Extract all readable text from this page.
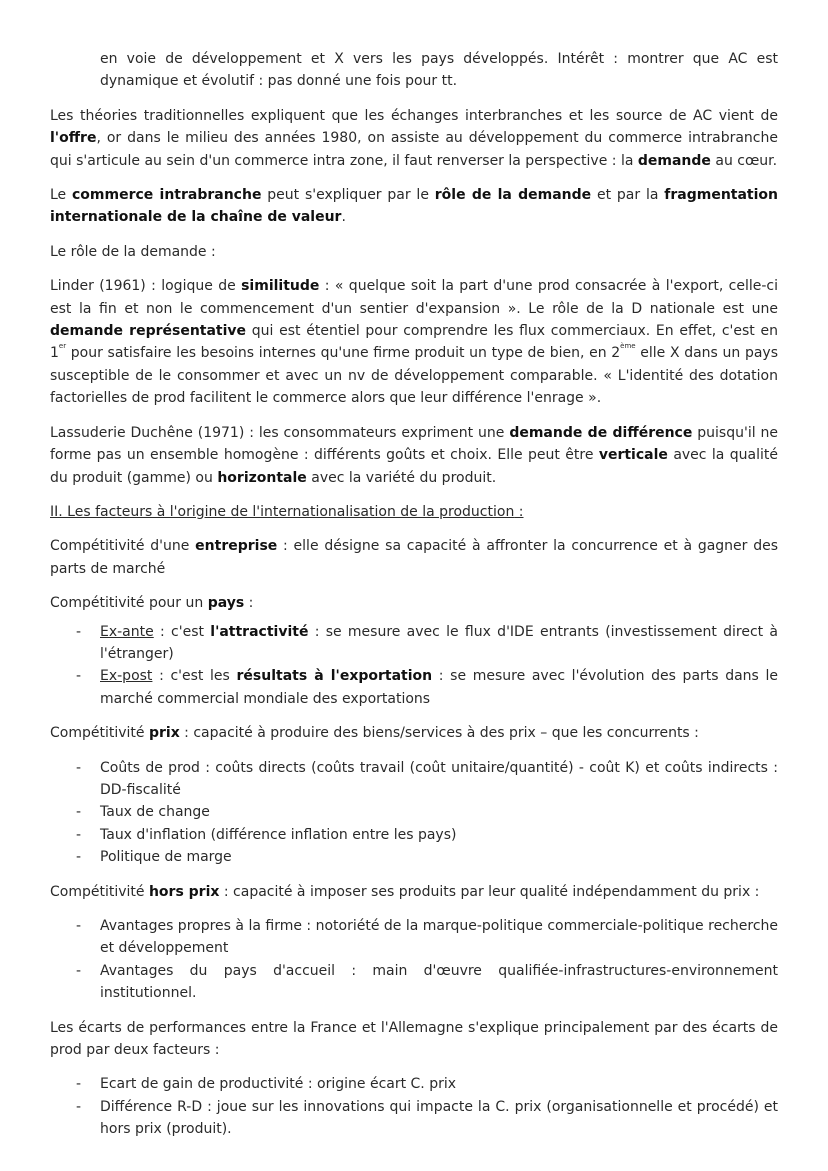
en voie de développement et X vers les pays développés. Intérêt : montrer que AC est dynamique et évolutif : pas donné une fois pour tt.

Les théories traditionnelles expliquent que les échanges interbranches et les source de AC vient de l'offre, or dans le milieu des années 1980, on assiste au développement du commerce intrabranche qui s'articule au sein d'un commerce intra zone, il faut renverser la perspective : la demande au cœur.

Le commerce intrabranche peut s'expliquer par le rôle de la demande et par la fragmentation internationale de la chaîne de valeur.

Le rôle de la demande :

Linder (1961) : logique de similitude : « quelque soit la part d'une prod consacrée à l'export, celle-ci est la fin et non le commencement d'un sentier d'expansion ». Le rôle de la D nationale est une demande représentative qui est étentiel pour comprendre les flux commerciaux. En effet, c'est en 1er pour satisfaire les besoins internes qu'une firme produit un type de bien, en 2ème elle X dans un pays susceptible de le consommer et avec un nv de développement comparable. « L'identité des dotation factorielles de prod facilitent le commerce alors que leur différence l'enrage ».

Lassuderie Duchêne (1971) : les consommateurs expriment une demande de différence puisqu'il ne forme pas un ensemble homogène : différents goûts et choix. Elle peut être verticale avec la qualité du produit (gamme) ou horizontale avec la variété du produit.

II. Les facteurs à l'origine de l'internationalisation de la production :

Compétitivité d'une entreprise : elle désigne sa capacité à affronter la concurrence et à gagner des parts de marché

Compétitivité pour un pays :

- Ex-ante : c'est l'attractivité : se mesure avec le flux d'IDE entrants (investissement direct à l'étranger)
- Ex-post : c'est les résultats à l'exportation : se mesure avec l'évolution des parts dans le marché commercial mondiale des exportations

Compétitivité prix : capacité à produire des biens/services à des prix – que les concurrents :

- Coûts de prod : coûts directs (coûts travail (coût unitaire/quantité) - coût K) et coûts indirects : DD-fiscalité
- Taux de change
- Taux d'inflation (différence inflation entre les pays)
- Politique de marge

Compétitivité hors prix : capacité à imposer ses produits par leur qualité indépendamment du prix :

- Avantages propres à la firme : notoriété de la marque-politique commerciale-politique recherche et développement
- Avantages du pays d'accueil : main d'œuvre qualifiée-infrastructures-environnement institutionnel.

Les écarts de performances entre la France et l'Allemagne s'explique principalement par des écarts de prod par deux facteurs :

- Ecart de gain de productivité : origine écart C. prix
- Différence R-D : joue sur les innovations qui impacte la C. prix (organisationnelle et procédé) et hors prix (produit).
